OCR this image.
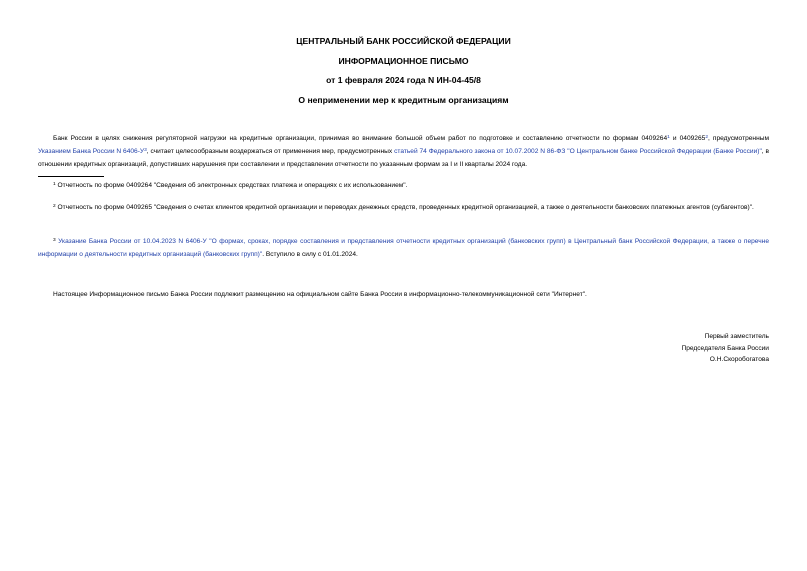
ЦЕНТРАЛЬНЫЙ БАНК РОССИЙСКОЙ ФЕДЕРАЦИИ
ИНФОРМАЦИОННОЕ ПИСЬМО
от 1 февраля 2024 года N ИН-04-45/8
О неприменении мер к кредитным организациям

Банк России в целях снижения регуляторной нагрузки на кредитные организации, принимая во внимание большой объем работ по подготовке и составлению отчетности по формам 0409264$^1$ и 0409265$^2$, предусмотренным Указанием Банка России N $6406-У^3$, считает целесообразным воздержаться от применения мер, предусмотренных статьей 74 Федерального закона от 10.07.2002 N 86-ФЗ "О Центральном банке Российской Федерации (Банке России)", в отношении кредитных организаций, допустивших нарушения при составлении и представлении отчетности по указанным формам за I и II кварталы 2024 года.

$^1$ Отчетность по форме 0409264 "Сведения об электронных средствах платежа и операциях с их использованием".

$^2$ Отчетность по форме 0409265 "Сведения о счетах клиентов кредитной организации и переводах денежных средств, проведенных кредитной организацией, а также о деятельности банковских платежных агентов (субагентов)".

$^3$ Указание Банка России от 10.04.2023 N 6406-У "О формах, сроках, порядке составления и представления отчетности кредитных организаций (банковских групп) в Центральный банк Российской Федерации, а также о перечне информации о деятельности кредитных организаций (банковских групп)". Вступило в силу с 01.01.2024.

Настоящее Информационное письмо Банка России подлежит размещению на официальном сайте Банка России в информационно-телекоммуникационной сети "Интернет".

Первый заместитель
Председателя Банка России
О.Н.Скоробогатова
